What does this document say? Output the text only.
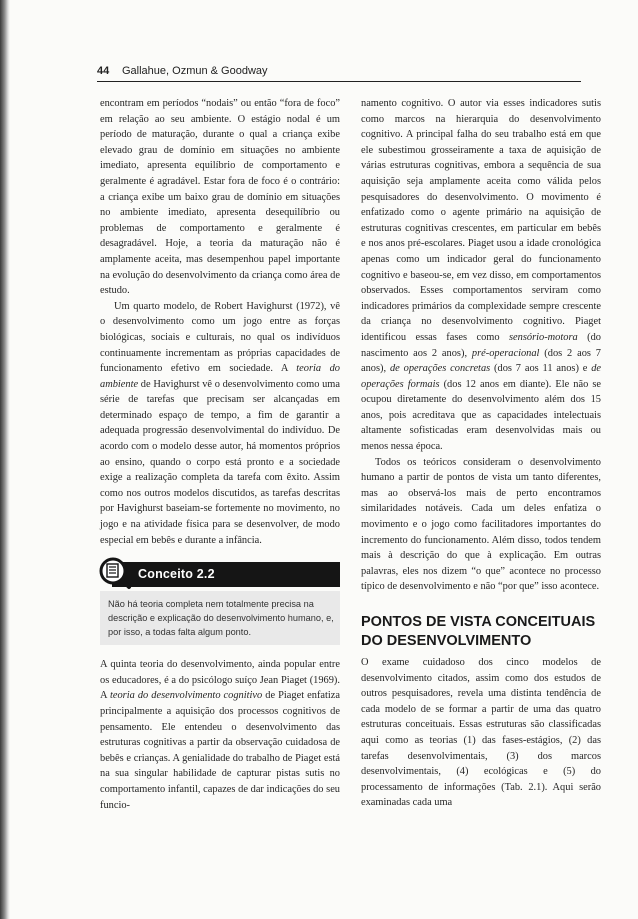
44 Gallahue, Ozmun & Goodway

encontram em períodos “nodais” ou então “fora de foco” em relação ao seu ambiente. O estágio nodal é um período de maturação, durante o qual a criança exibe elevado grau de domínio em situações no ambiente imediato, apresenta equilíbrio de comportamento e geralmente é agradável. Estar fora de foco é o contrário: a criança exibe um baixo grau de domínio em situações no ambiente imediato, apresenta desequilíbrio ou problemas de comportamento e geralmente é desagradável. Hoje, a teoria da maturação não é amplamente aceita, mas desempenhou papel importante na evolução do desenvolvimento da criança como área de estudo.

Um quarto modelo, de Robert Havighurst (1972), vê o desenvolvimento como um jogo entre as forças biológicas, sociais e culturais, no qual os indivíduos continuamente incrementam as próprias capacidades de funcionamento efetivo em sociedade. A teoria do ambiente de Havighurst vê o desenvolvimento como uma série de tarefas que precisam ser alcançadas em determinado espaço de tempo, a fim de garantir a adequada progressão desenvolvimental do indivíduo. De acordo com o modelo desse autor, há momentos próprios ao ensino, quando o corpo está pronto e a sociedade exige a realização completa da tarefa com êxito. Assim como nos outros modelos discutidos, as tarefas descritas por Havighurst baseiam-se fortemente no movimento, no jogo e na atividade física para se desenvolver, de modo especial em bebês e durante a infância.

Conceito 2.2
Não há teoria completa nem totalmente precisa na descrição e explicação do desenvolvimento humano, e, por isso, a todas falta algum ponto.

A quinta teoria do desenvolvimento, ainda popular entre os educadores, é a do psicólogo suíço Jean Piaget (1969). A teoria do desenvolvimento cognitivo de Piaget enfatiza principalmente a aquisição dos processos cognitivos de pensamento. Ele entendeu o desenvolvimento das estruturas cognitivas a partir da observação cuidadosa de bebês e crianças. A genialidade do trabalho de Piaget está na sua singular habilidade de capturar pistas sutis no comportamento infantil, capazes de dar indicações do seu funcio-

namento cognitivo. O autor via esses indicadores sutis como marcos na hierarquia do desenvolvimento cognitivo. A principal falha do seu trabalho está em que ele subestimou grosseiramente a taxa de aquisição de várias estruturas cognitivas, embora a sequência de sua aquisição seja amplamente aceita como válida pelos pesquisadores do desenvolvimento. O movimento é enfatizado como o agente primário na aquisição de estruturas cognitivas crescentes, em particular em bebês e nos anos pré-escolares. Piaget usou a idade cronológica apenas como um indicador geral do funcionamento cognitivo e baseou-se, em vez disso, em comportamentos observados. Esses comportamentos serviram como indicadores primários da complexidade sempre crescente da criança no desenvolvimento cognitivo. Piaget identificou essas fases como sensório-motora (do nascimento aos 2 anos), pré-operacional (dos 2 aos 7 anos), de operações concretas (dos 7 aos 11 anos) e de operações formais (dos 12 anos em diante). Ele não se ocupou diretamente do desenvolvimento além dos 15 anos, pois acreditava que as capacidades intelectuais altamente sofisticadas eram desenvolvidas mais ou menos nessa época.

Todos os teóricos consideram o desenvolvimento humano a partir de pontos de vista um tanto diferentes, mas ao observá-los mais de perto encontramos similaridades notáveis. Cada um deles enfatiza o movimento e o jogo como facilitadores importantes do incremento do funcionamento. Além disso, todos tendem mais à descrição do que à explicação. Em outras palavras, eles nos dizem “o que” acontece no processo típico de desenvolvimento e não “por que” isso acontece.

PONTOS DE VISTA CONCEITUAIS DO DESENVOLVIMENTO

O exame cuidadoso dos cinco modelos de desenvolvimento citados, assim como dos estudos de outros pesquisadores, revela uma distinta tendência de cada modelo de se formar a partir de uma das quatro estruturas conceituais. Essas estruturas são classificadas aqui como as teorias (1) das fases-estágios, (2) das tarefas desenvolvimentais, (3) dos marcos desenvolvimentais, (4) ecológicas e (5) do processamento de informações (Tab. 2.1). Aqui serão examinadas cada uma
